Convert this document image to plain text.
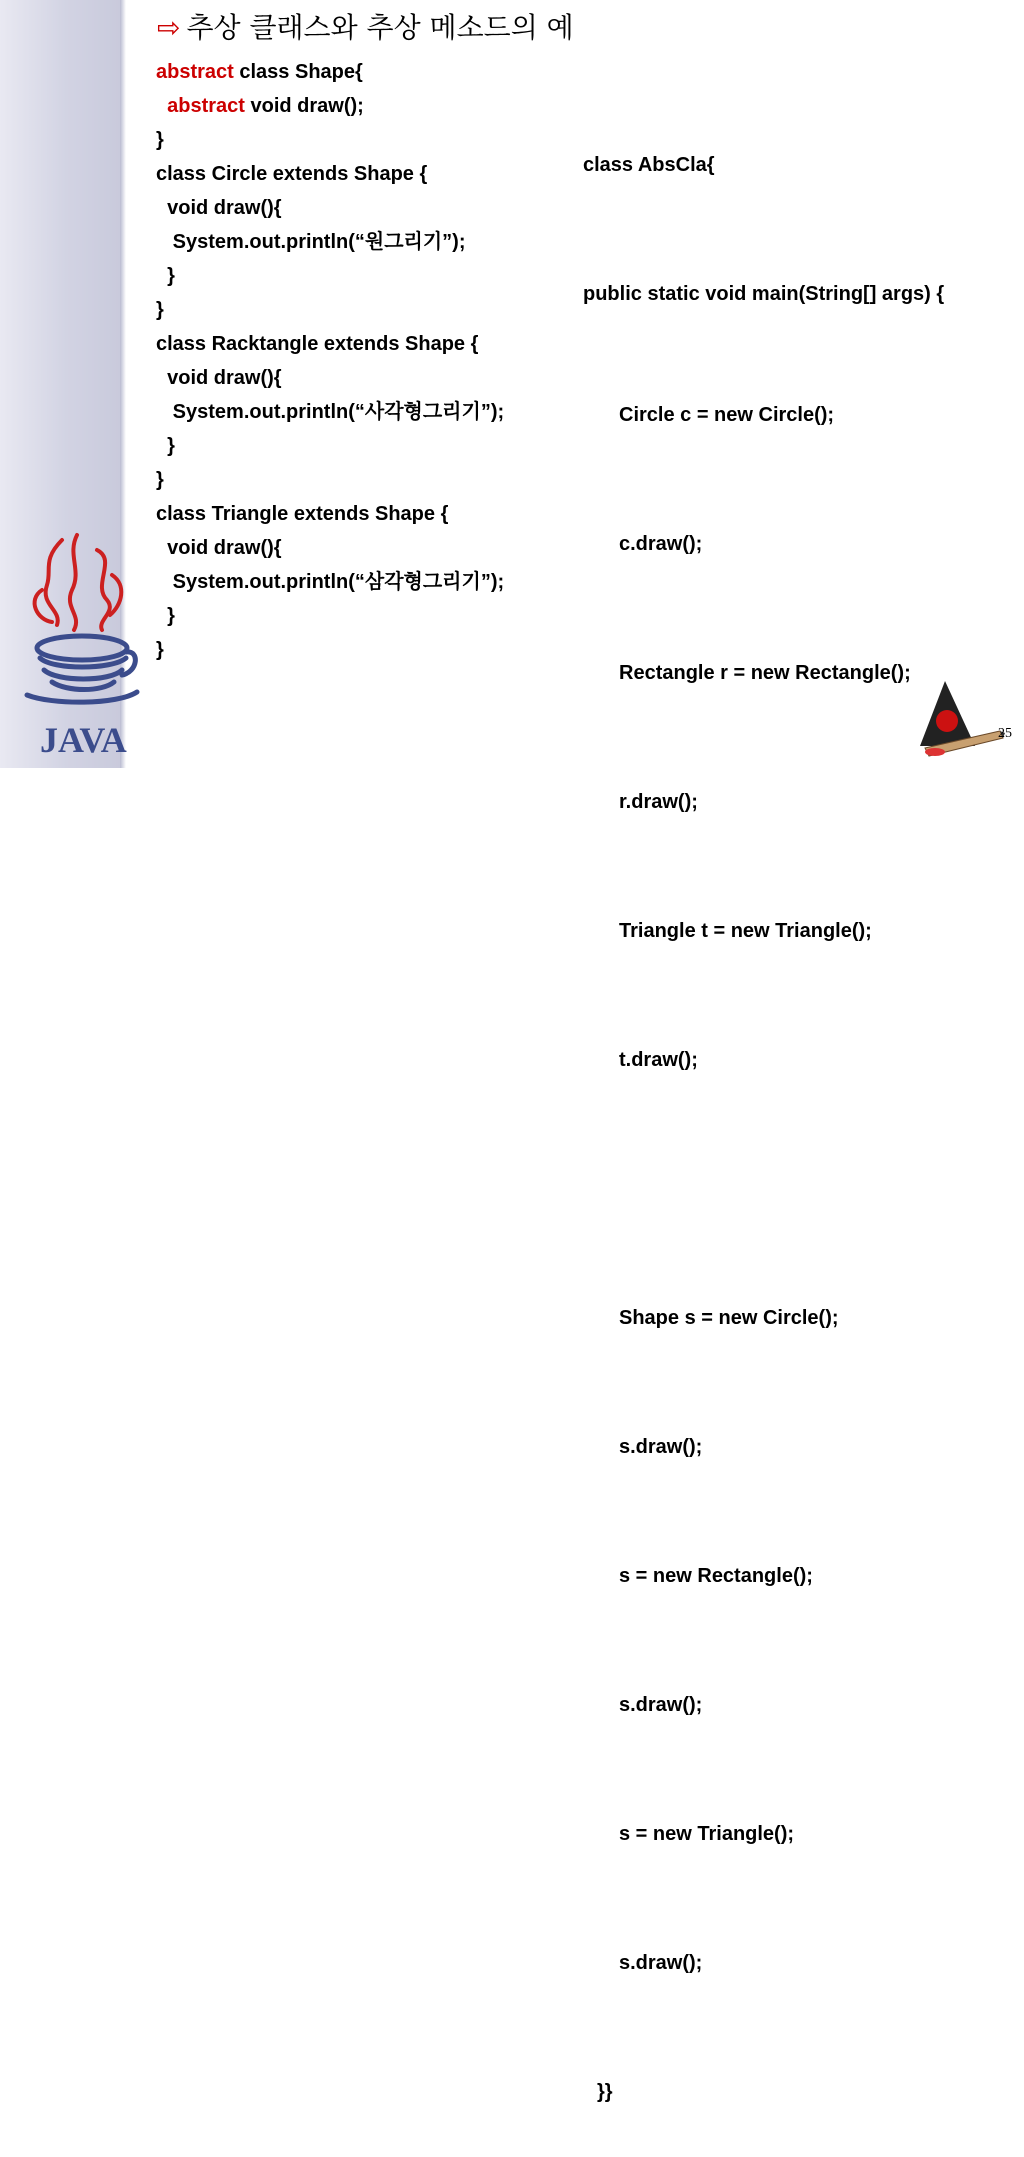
JAVA
⇨ 추상 클래스와 추상 메소드의 예
abstract class Shape{
abstract void draw();
}
class Circle extends Shape {
void draw(){
System.out.println(“원그리기”);
}
}
class Racktangle extends Shape {
void draw(){
System.out.println(“사각형그리기”);
}
}
class Triangle extends Shape {
void draw(){
System.out.println(“삼각형그리기”);
}
}

class AbsCla{

public static void main(String[] args) {

Circle c = new Circle();

c.draw();

Rectangle r = new Rectangle();

r.draw();

Triangle t = new Triangle();

t.draw();

Shape s = new Circle();

s.draw();

s = new Rectangle();

s.draw();

s = new Triangle();

s.draw();

}}

25
